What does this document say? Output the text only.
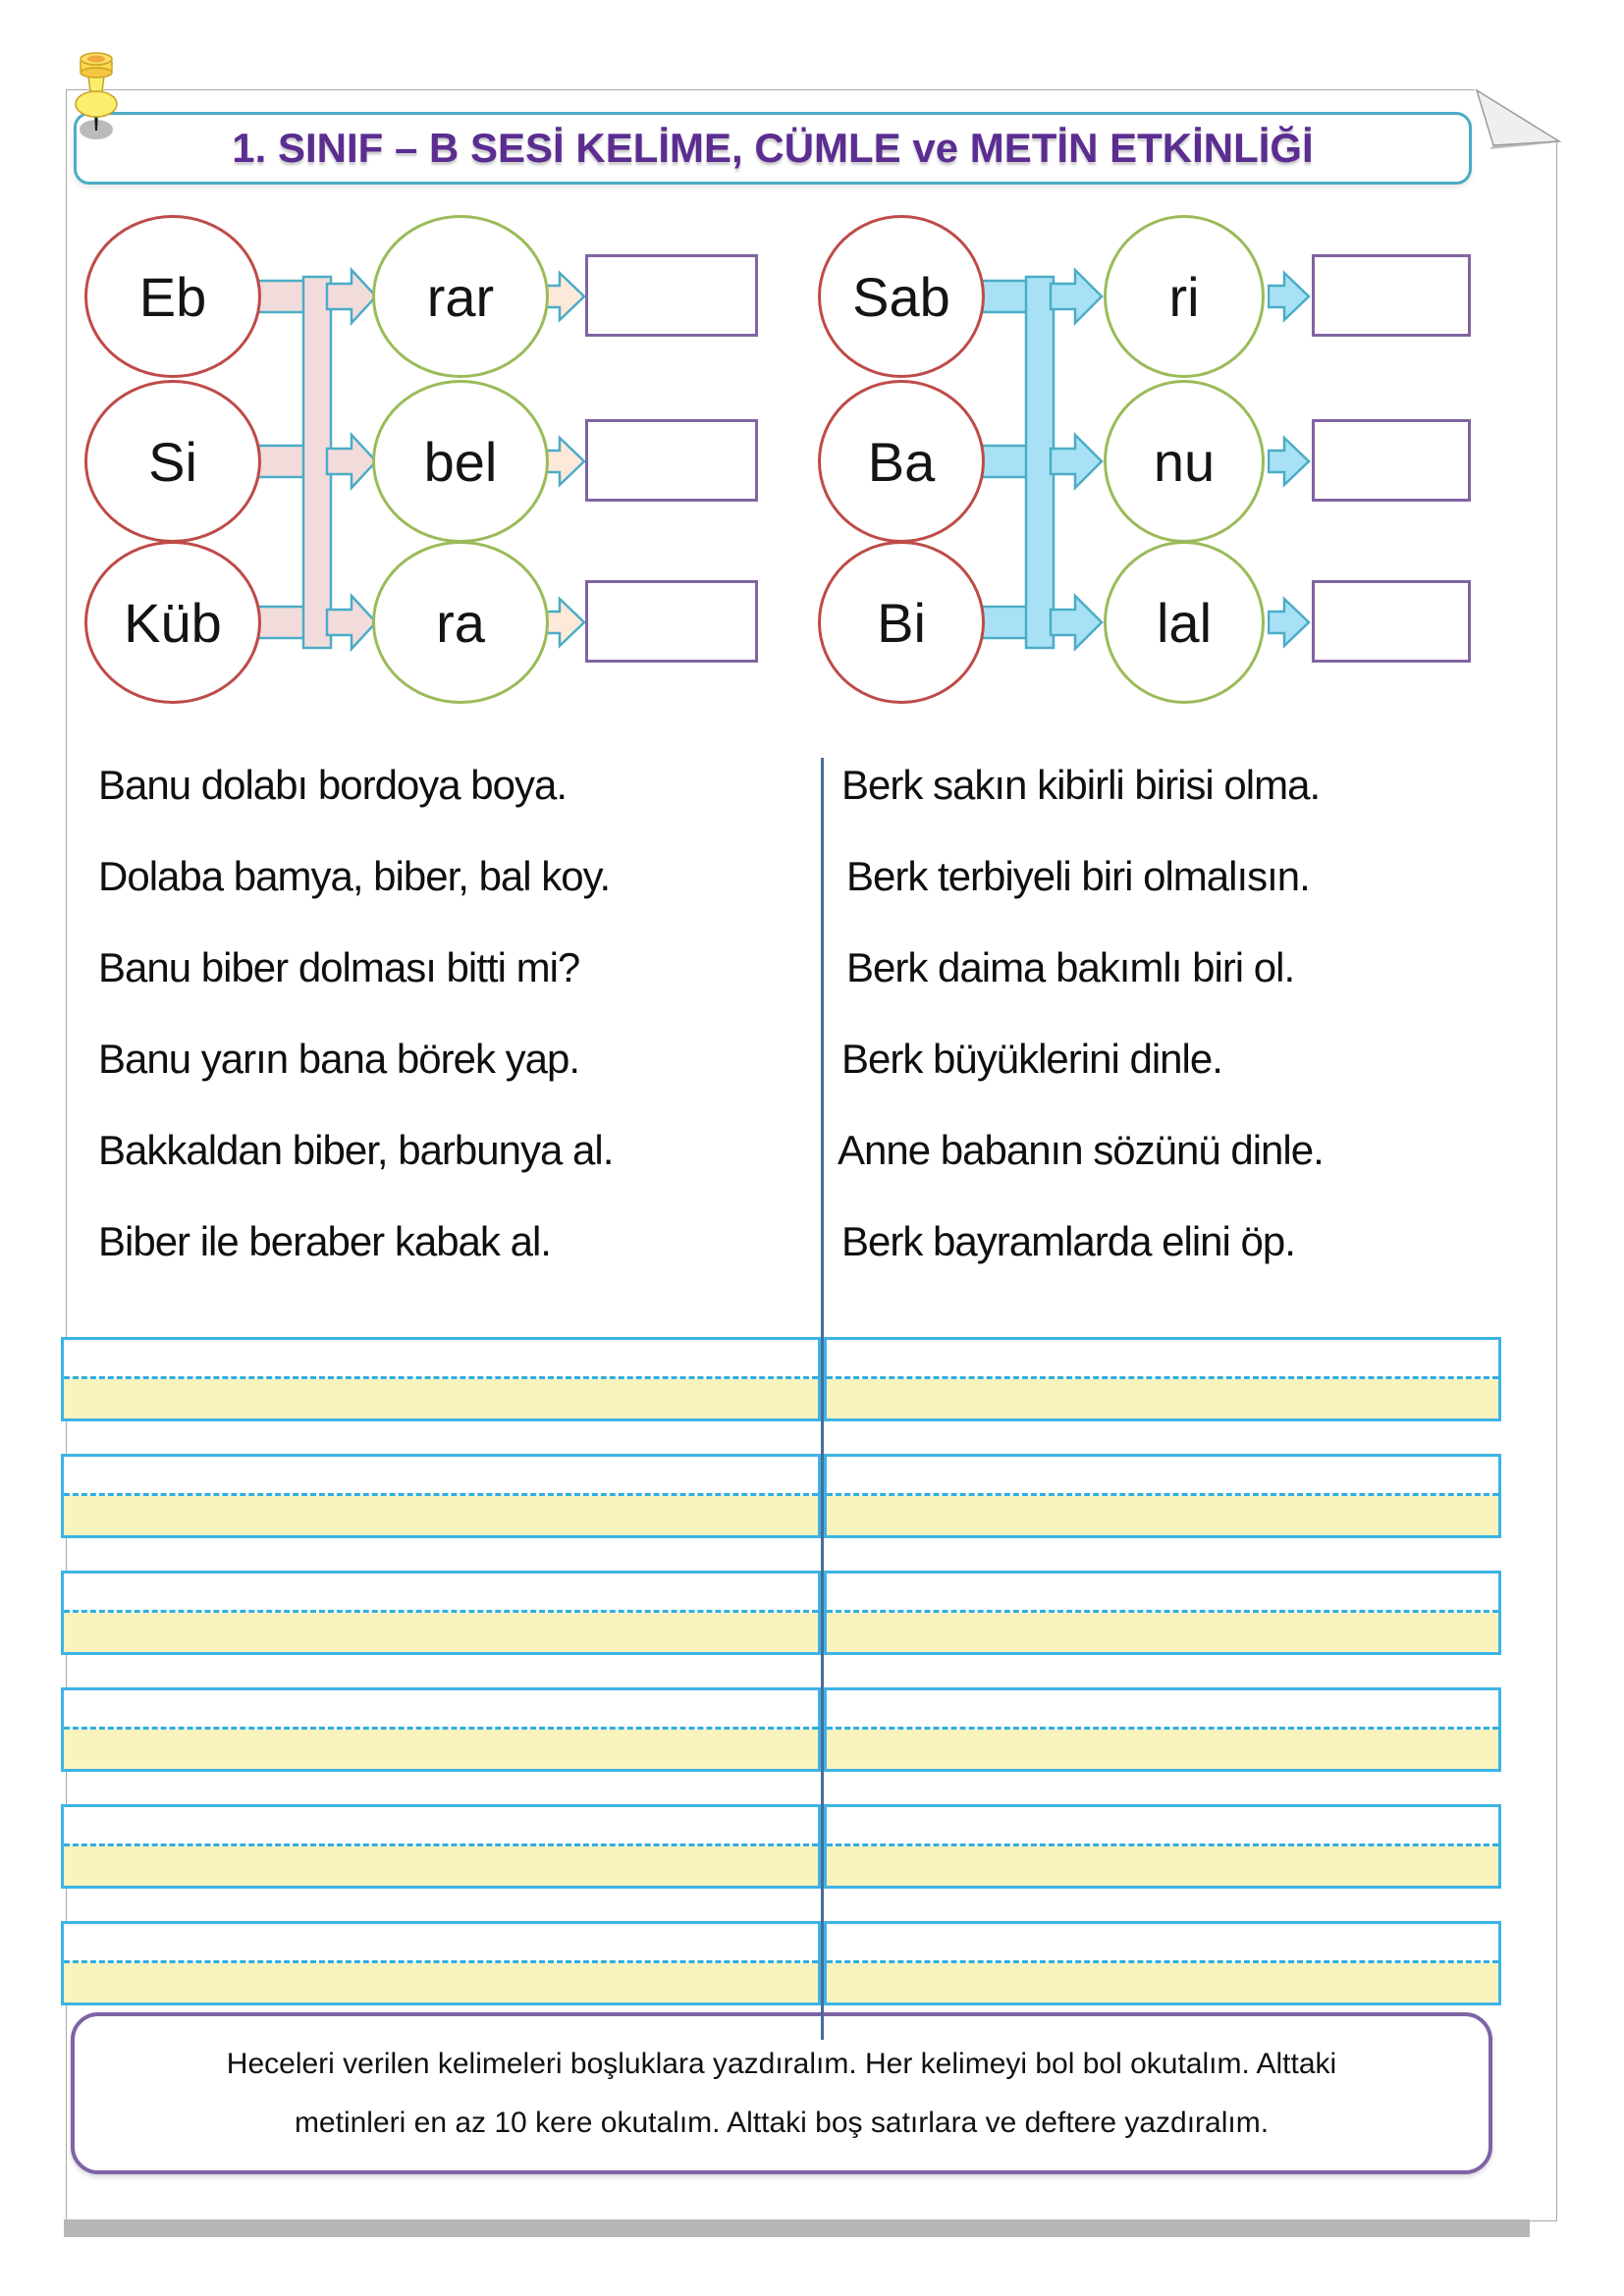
1. SINIF – B SESİ KELİME, CÜMLE ve METİN ETKİNLİĞİ
Eb
Si
Küb
rar
bel
ra
Sab
Ba
Bi
ri
nu
lal
Banu dolabı bordoya boya.
Dolaba bamya, biber, bal koy.
Banu biber dolması bitti mi?
Banu yarın bana börek yap.
Bakkaldan biber, barbunya al.
Biber ile beraber kabak al.
Berk sakın kibirli birisi olma.
Berk terbiyeli biri olmalısın.
Berk daima bakımlı biri ol.
Berk büyüklerini dinle.
Anne babanın sözünü dinle.
Berk bayramlarda elini öp.
Heceleri verilen kelimeleri boşluklara yazdıralım. Her kelimeyi bol bol okutalım. Alttaki
metinleri en az 10 kere okutalım. Alttaki boş satırlara ve deftere yazdıralım.
